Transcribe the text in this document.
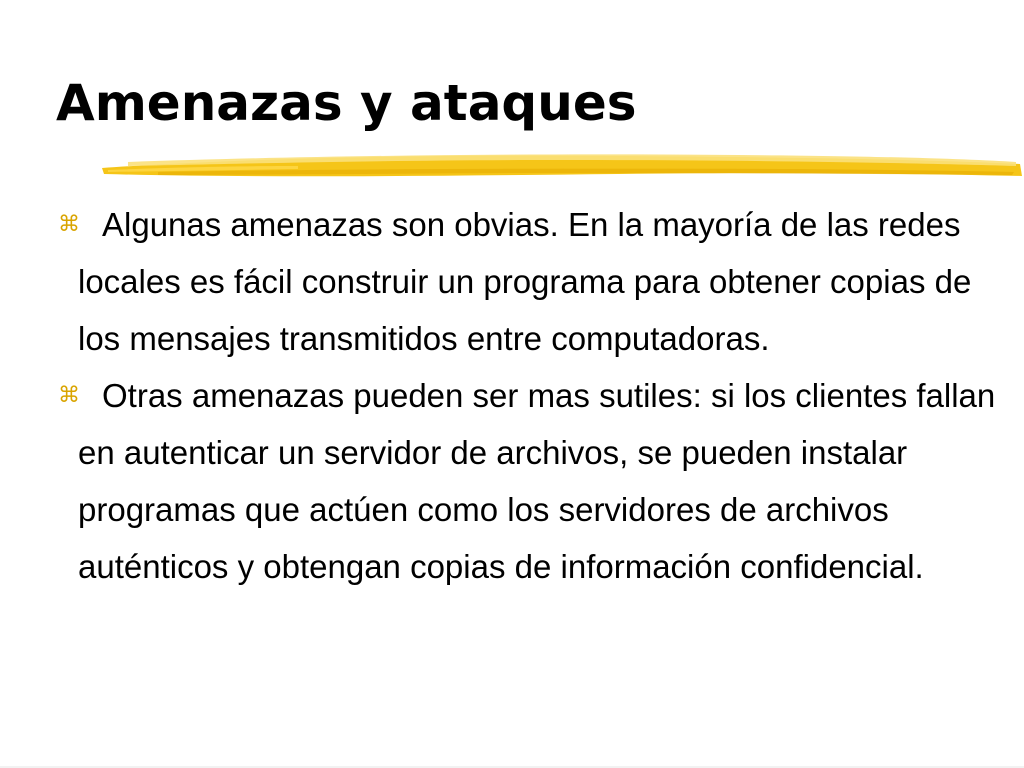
Amenazas y ataques
⌘ Algunas amenazas son obvias. En la mayoría de las redes locales es fácil construir un programa para obtener copias de los mensajes transmitidos entre computadoras.
⌘ Otras amenazas pueden ser mas sutiles: si los clientes fallan en autenticar un servidor de archivos, se pueden instalar programas que actúen como los servidores de archivos auténticos y obtengan copias de información confidencial.
